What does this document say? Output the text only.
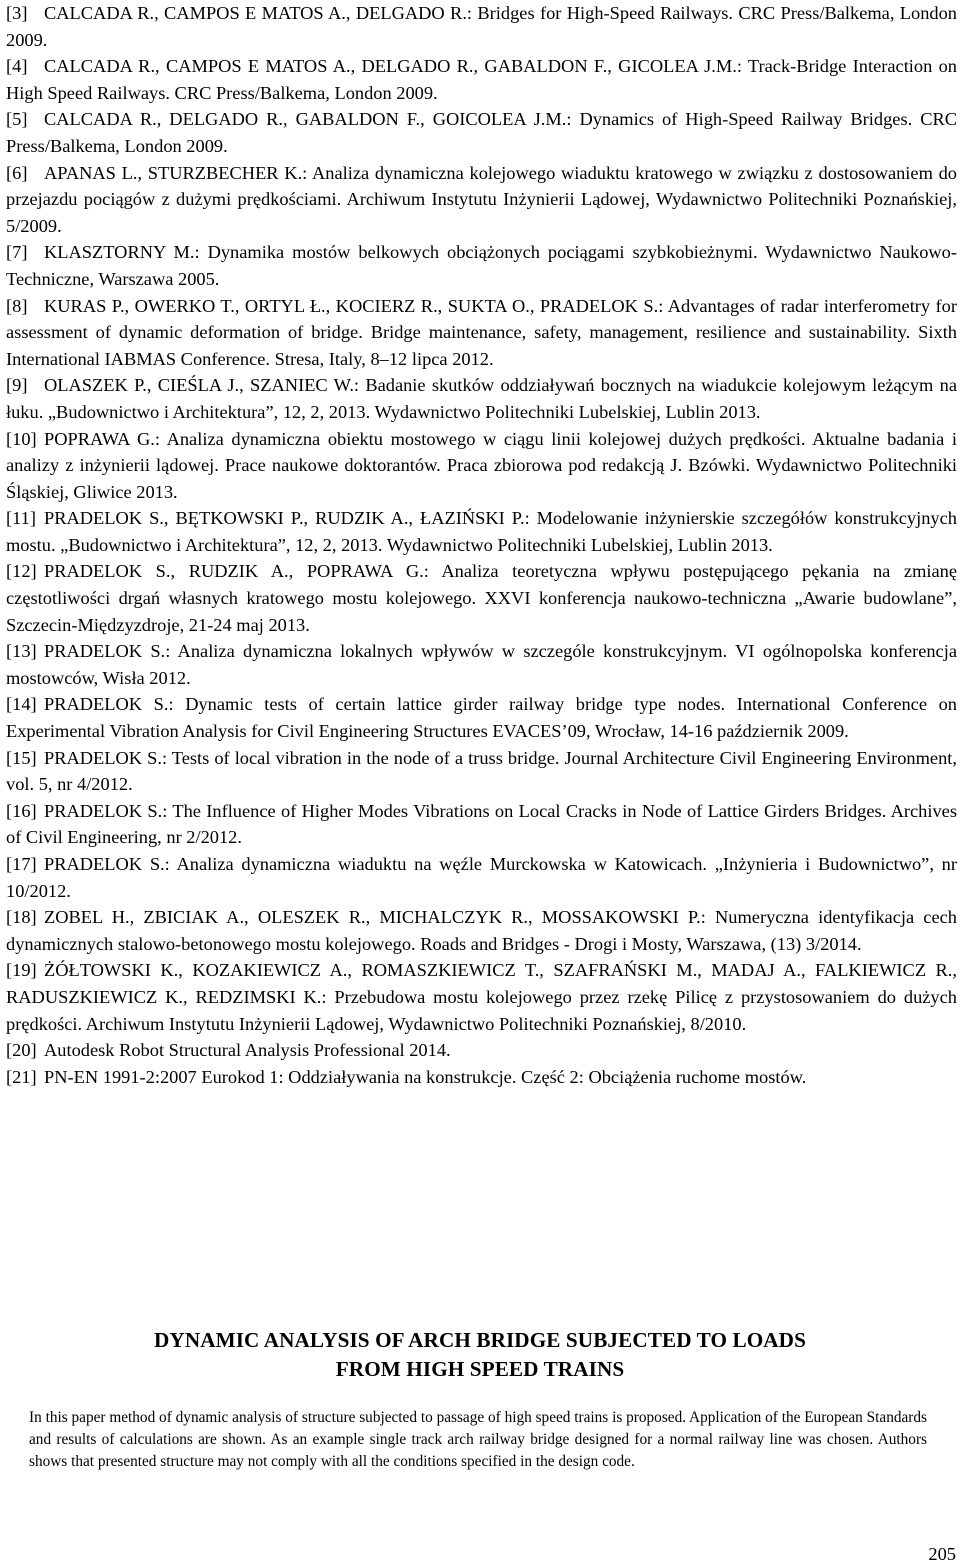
[3] CALCADA R., CAMPOS E MATOS A., DELGADO R.: Bridges for High-Speed Railways. CRC Press/Balkema, London 2009.
[4] CALCADA R., CAMPOS E MATOS A., DELGADO R., GABALDON F., GICOLEA J.M.: Track-Bridge Interaction on High Speed Railways. CRC Press/Balkema, London 2009.
[5] CALCADA R., DELGADO R., GABALDON F., GOICOLEA J.M.: Dynamics of High-Speed Railway Bridges. CRC Press/Balkema, London 2009.
[6] APANAS L., STURZBECHER K.: Analiza dynamiczna kolejowego wiaduktu kratowego w związku z dostosowaniem do przejazdu pociągów z dużymi prędkościami. Archiwum Instytutu Inżynierii Lądowej, Wydawnictwo Politechniki Poznańskiej, 5/2009.
[7] KLASZTORNY M.: Dynamika mostów belkowych obciążonych pociągami szybkobieżnymi. Wydawnictwo Naukowo-Techniczne, Warszawa 2005.
[8] KURAS P., OWERKO T., ORTYL Ł., KOCIERZ R., SUKTA O., PRADELOK S.: Advantages of radar interferometry for assessment of dynamic deformation of bridge. Bridge maintenance, safety, management, resilience and sustainability. Sixth International IABMAS Conference. Stresa, Italy, 8–12 lipca 2012.
[9] OLASZEK P., CIEŚLA J., SZANIEC W.: Badanie skutków oddziaływań bocznych na wiadukcie kolejowym leżącym na łuku. „Budownictwo i Architektura”, 12, 2, 2013. Wydawnictwo Politechniki Lubelskiej, Lublin 2013.
[10] POPRAWA G.: Analiza dynamiczna obiektu mostowego w ciągu linii kolejowej dużych prędkości. Aktualne badania i analizy z inżynierii lądowej. Prace naukowe doktorantów. Praca zbiorowa pod redakcją J. Bzówki. Wydawnictwo Politechniki Śląskiej, Gliwice 2013.
[11] PRADELOK S., BĘTKOWSKI P., RUDZIK A., ŁAZIŃSKI P.: Modelowanie inżynierskie szczegółów konstrukcyjnych mostu. „Budownictwo i Architektura”, 12, 2, 2013. Wydawnictwo Politechniki Lubelskiej, Lublin 2013.
[12] PRADELOK S., RUDZIK A., POPRAWA G.: Analiza teoretyczna wpływu postępującego pękania na zmianę częstotliwości drgań własnych kratowego mostu kolejowego. XXVI konferencja naukowo-techniczna „Awarie budowlane”, Szczecin-Międzyzdroje, 21-24 maj 2013.
[13] PRADELOK S.: Analiza dynamiczna lokalnych wpływów w szczególe konstrukcyjnym. VI ogólnopolska konferencja mostowców, Wisła 2012.
[14] PRADELOK S.: Dynamic tests of certain lattice girder railway bridge type nodes. International Conference on Experimental Vibration Analysis for Civil Engineering Structures EVACES’09, Wrocław, 14-16 październik 2009.
[15] PRADELOK S.: Tests of local vibration in the node of a truss bridge. Journal Architecture Civil Engineering Environment, vol. 5, nr 4/2012.
[16] PRADELOK S.: The Influence of Higher Modes Vibrations on Local Cracks in Node of Lattice Girders Bridges. Archives of Civil Engineering, nr 2/2012.
[17] PRADELOK S.: Analiza dynamiczna wiaduktu na węźle Murckowska w Katowicach. „Inżynieria i Budownictwo”, nr 10/2012.
[18] ZOBEL H., ZBICIAK A., OLESZEK R., MICHALCZYK R., MOSSAKOWSKI P.: Numeryczna identyfikacja cech dynamicznych stalowo-betonowego mostu kolejowego. Roads and Bridges - Drogi i Mosty, Warszawa, (13) 3/2014.
[19] ŻÓŁTOWSKI K., KOZAKIEWICZ A., ROMASZKIEWICZ T., SZAFRAŃSKI M., MADAJ A., FALKIEWICZ R., RADUSZKIEWICZ K., REDZIMSKI K.: Przebudowa mostu kolejowego przez rzekę Pilicę z przystosowaniem do dużych prędkości. Archiwum Instytutu Inżynierii Lądowej, Wydawnictwo Politechniki Poznańskiej, 8/2010.
[20] Autodesk Robot Structural Analysis Professional 2014.
[21] PN-EN 1991-2:2007 Eurokod 1: Oddziaływania na konstrukcje. Część 2: Obciążenia ruchome mostów.
DYNAMIC ANALYSIS OF ARCH BRIDGE SUBJECTED TO LOADS
FROM HIGH SPEED TRAINS
In this paper method of dynamic analysis of structure subjected to passage of high speed trains is proposed. Application of the European Standards and results of calculations are shown. As an example single track arch railway bridge designed for a normal railway line was chosen. Authors shows that presented structure may not comply with all the conditions specified in the design code.
205
